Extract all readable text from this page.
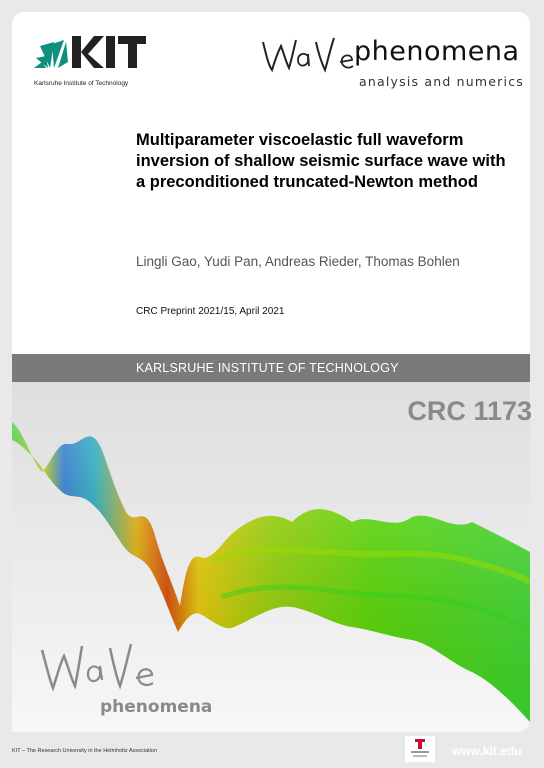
Karlsruhe Institute of Technology
phenomena
analysis and numerics
Multiparameter viscoelastic full waveform inversion of shallow seismic surface wave with a preconditioned truncated-Newton method
Lingli Gao, Yudi Pan, Andreas Rieder, Thomas Bohlen
CRC Preprint 2021/15, April 2021
KARLSRUHE INSTITUTE OF TECHNOLOGY
phenomena
CRC 1173
KIT – The Research University in the Helmholtz Association	www.kit.edu
